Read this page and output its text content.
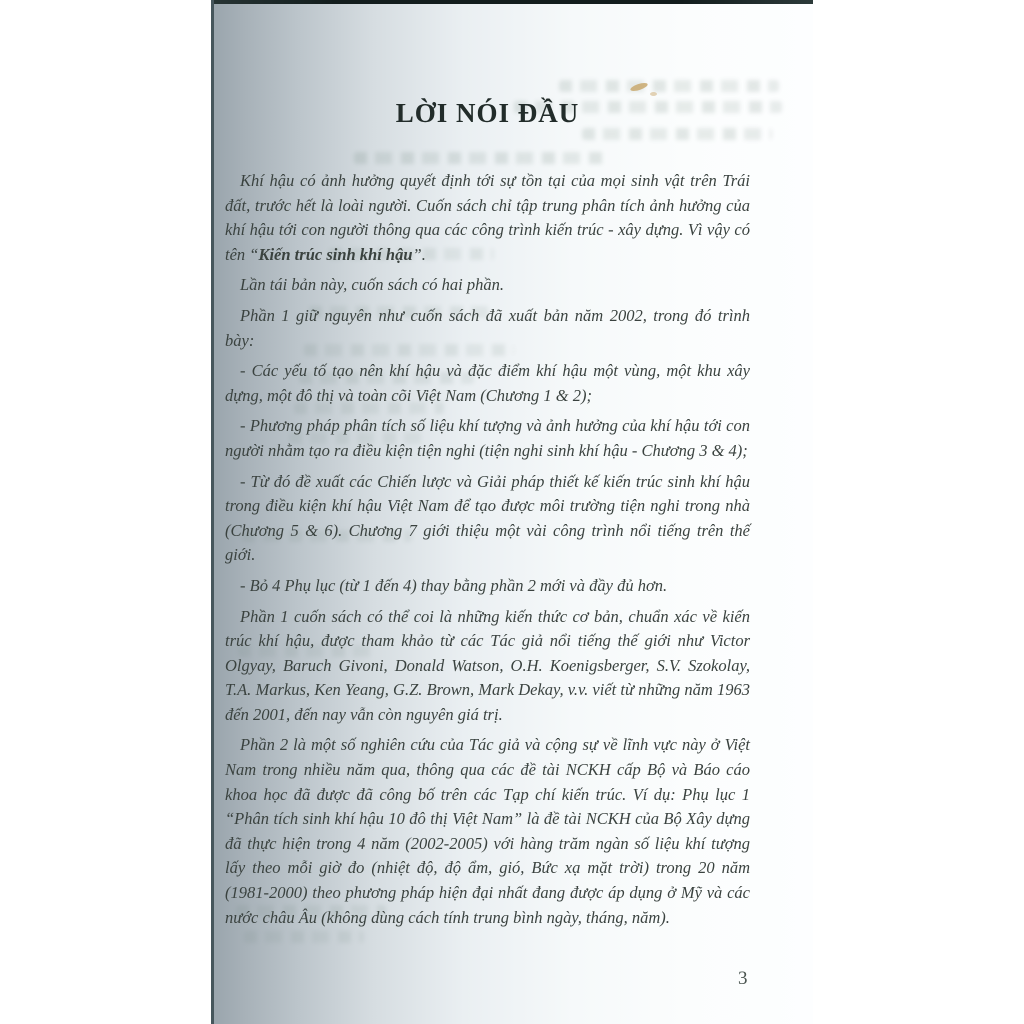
LỜI NÓI ĐẦU

Khí hậu có ảnh hưởng quyết định tới sự tồn tại của mọi sinh vật trên Trái đất, trước hết là loài người. Cuốn sách chỉ tập trung phân tích ảnh hưởng của khí hậu tới con người thông qua các công trình kiến trúc - xây dựng. Vì vậy có tên “Kiến trúc sinh khí hậu”.

Lần tái bản này, cuốn sách có hai phần.

Phần 1 giữ nguyên như cuốn sách đã xuất bản năm 2002, trong đó trình bày:

- Các yếu tố tạo nên khí hậu và đặc điểm khí hậu một vùng, một khu xây dựng, một đô thị và toàn cõi Việt Nam (Chương 1 & 2);

- Phương pháp phân tích số liệu khí tượng và ảnh hưởng của khí hậu tới con người nhằm tạo ra điều kiện tiện nghi (tiện nghi sinh khí hậu - Chương 3 & 4);

- Từ đó đề xuất các Chiến lược và Giải pháp thiết kế kiến trúc sinh khí hậu trong điều kiện khí hậu Việt Nam để tạo được môi trường tiện nghi trong nhà (Chương 5 & 6). Chương 7 giới thiệu một vài công trình nổi tiếng trên thế giới.

- Bỏ 4 Phụ lục (từ 1 đến 4) thay bằng phần 2 mới và đầy đủ hơn.

Phần 1 cuốn sách có thể coi là những kiến thức cơ bản, chuẩn xác về kiến trúc khí hậu, được tham khảo từ các Tác giả nổi tiếng thế giới như Victor Olgyay, Baruch Givoni, Donald Watson, O.H. Koenigsberger, S.V. Szokolay, T.A. Markus, Ken Yeang, G.Z. Brown, Mark Dekay, v.v. viết từ những năm 1963 đến 2001, đến nay vẫn còn nguyên giá trị.

Phần 2 là một số nghiên cứu của Tác giả và cộng sự về lĩnh vực này ở Việt Nam trong nhiều năm qua, thông qua các đề tài NCKH cấp Bộ và Báo cáo khoa học đã được đã công bố trên các Tạp chí kiến trúc. Ví dụ: Phụ lục 1 “Phân tích sinh khí hậu 10 đô thị Việt Nam” là đề tài NCKH của Bộ Xây dựng đã thực hiện trong 4 năm (2002-2005) với hàng trăm ngàn số liệu khí tượng lấy theo mỗi giờ đo (nhiệt độ, độ ẩm, gió, Bức xạ mặt trời) trong 20 năm (1981-2000) theo phương pháp hiện đại nhất đang được áp dụng ở Mỹ và các nước châu Âu (không dùng cách tính trung bình ngày, tháng, năm).

3
